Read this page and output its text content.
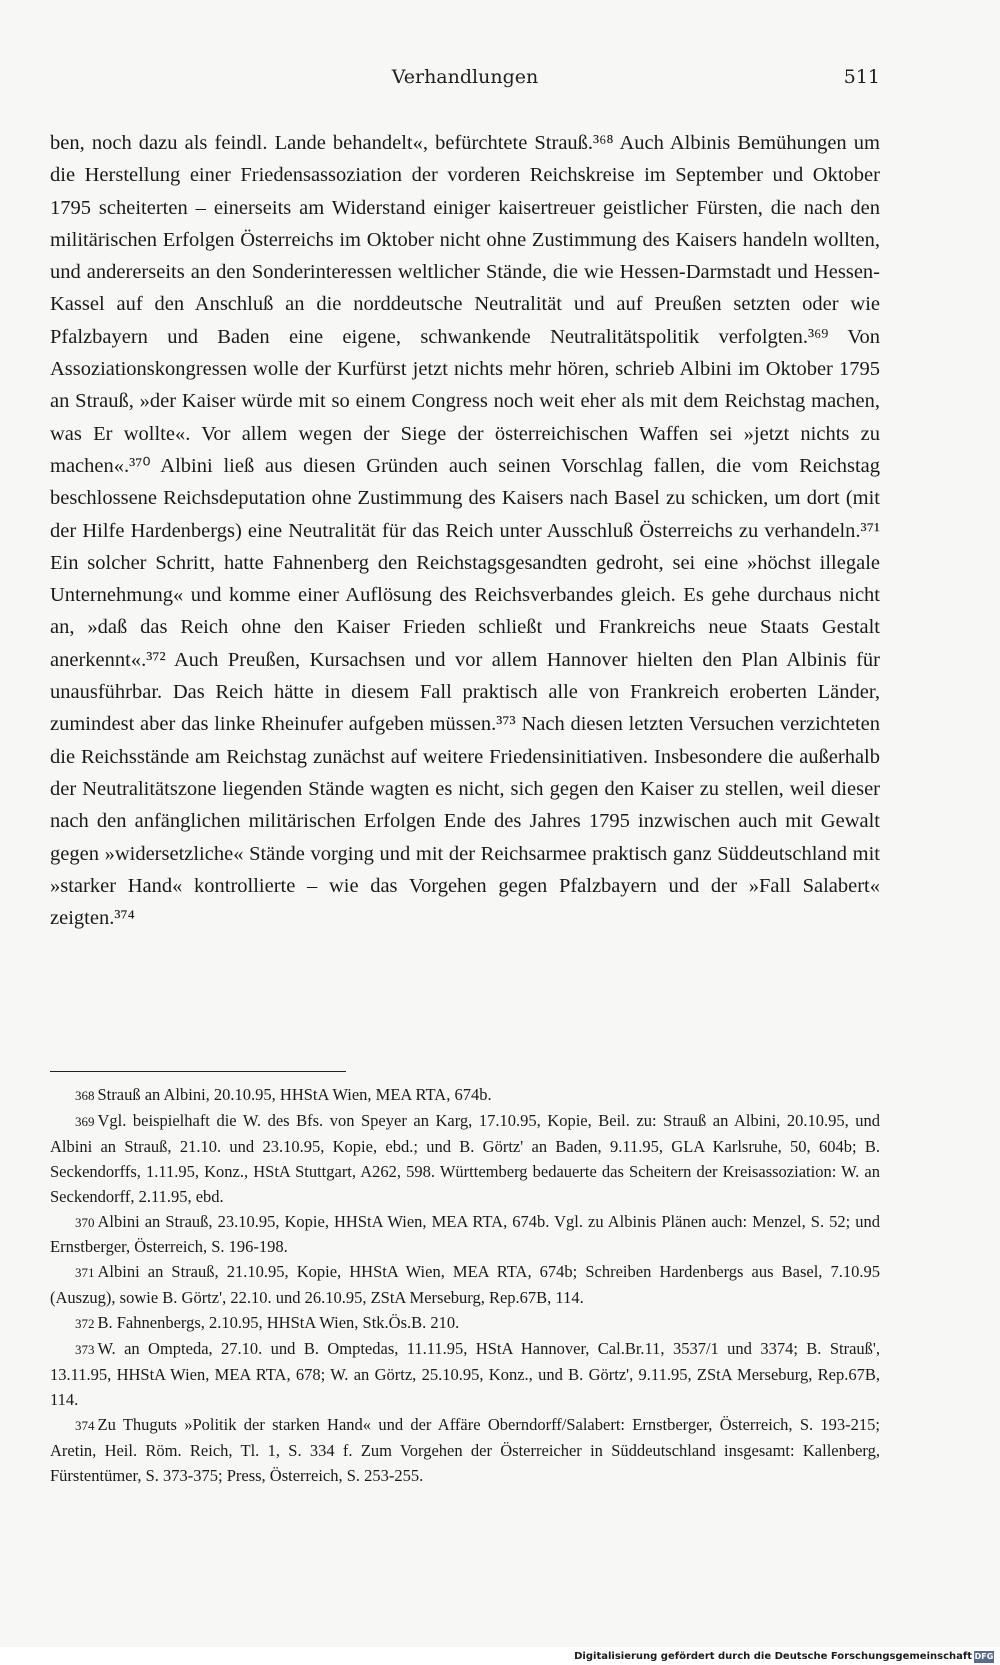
Verhandlungen	511

ben, noch dazu als feindl. Lande behandelt«, befürchtete Strauß.³⁶⁸ Auch Albinis Bemühungen um die Herstellung einer Friedensassoziation der vorderen Reichskreise im September und Oktober 1795 scheiterten – einerseits am Widerstand einiger kaisertreuer geistlicher Fürsten, die nach den militärischen Erfolgen Österreichs im Oktober nicht ohne Zustimmung des Kaisers handeln wollten, und andererseits an den Sonderinteressen weltlicher Stände, die wie Hessen-Darmstadt und Hessen-Kassel auf den Anschluß an die norddeutsche Neutralität und auf Preußen setzten oder wie Pfalzbayern und Baden eine eigene, schwankende Neutralitätspolitik verfolgten.³⁶⁹ Von Assoziationskongressen wolle der Kurfürst jetzt nichts mehr hören, schrieb Albini im Oktober 1795 an Strauß, »der Kaiser würde mit so einem Congress noch weit eher als mit dem Reichstag machen, was Er wollte«. Vor allem wegen der Siege der österreichischen Waffen sei »jetzt nichts zu machen«.³⁷⁰ Albini ließ aus diesen Gründen auch seinen Vorschlag fallen, die vom Reichstag beschlossene Reichsdeputation ohne Zustimmung des Kaisers nach Basel zu schicken, um dort (mit der Hilfe Hardenbergs) eine Neutralität für das Reich unter Ausschluß Österreichs zu verhandeln.³⁷¹ Ein solcher Schritt, hatte Fahnenberg den Reichstagsgesandten gedroht, sei eine »höchst illegale Unternehmung« und komme einer Auflösung des Reichsverbandes gleich. Es gehe durchaus nicht an, »daß das Reich ohne den Kaiser Frieden schließt und Frankreichs neue Staats Gestalt anerkennt«.³⁷² Auch Preußen, Kursachsen und vor allem Hannover hielten den Plan Albinis für unausführbar. Das Reich hätte in diesem Fall praktisch alle von Frankreich eroberten Länder, zumindest aber das linke Rheinufer aufgeben müssen.³⁷³ Nach diesen letzten Versuchen verzichteten die Reichsstände am Reichstag zunächst auf weitere Friedensinitiativen. Insbesondere die außerhalb der Neutralitätszone liegenden Stände wagten es nicht, sich gegen den Kaiser zu stellen, weil dieser nach den anfänglichen militärischen Erfolgen Ende des Jahres 1795 inzwischen auch mit Gewalt gegen »widersetzliche« Stände vorging und mit der Reichsarmee praktisch ganz Süddeutschland mit »starker Hand« kontrollierte – wie das Vorgehen gegen Pfalzbayern und der »Fall Salabert« zeigten.³⁷⁴

368 Strauß an Albini, 20.10.95, HHStA Wien, MEA RTA, 674b.

369 Vgl. beispielhaft die W. des Bfs. von Speyer an Karg, 17.10.95, Kopie, Beil. zu: Strauß an Albini, 20.10.95, und Albini an Strauß, 21.10. und 23.10.95, Kopie, ebd.; und B. Görtz' an Baden, 9.11.95, GLA Karlsruhe, 50, 604b; B. Seckendorffs, 1.11.95, Konz., HStA Stuttgart, A262, 598. Württemberg bedauerte das Scheitern der Kreisassoziation: W. an Seckendorff, 2.11.95, ebd.

370 Albini an Strauß, 23.10.95, Kopie, HHStA Wien, MEA RTA, 674b. Vgl. zu Albinis Plänen auch: Menzel, S. 52; und Ernstberger, Österreich, S. 196-198.

371 Albini an Strauß, 21.10.95, Kopie, HHStA Wien, MEA RTA, 674b; Schreiben Hardenbergs aus Basel, 7.10.95 (Auszug), sowie B. Görtz', 22.10. und 26.10.95, ZStA Merseburg, Rep.67B, 114.

372 B. Fahnenbergs, 2.10.95, HHStA Wien, Stk.Ös.B. 210.

373 W. an Ompteda, 27.10. und B. Omptedas, 11.11.95, HStA Hannover, Cal.Br.11, 3537/1 und 3374; B. Strauß', 13.11.95, HHStA Wien, MEA RTA, 678; W. an Görtz, 25.10.95, Konz., und B. Görtz', 9.11.95, ZStA Merseburg, Rep.67B, 114.

374 Zu Thuguts »Politik der starken Hand« und der Affäre Oberndorff/Salabert: Ernstberger, Österreich, S. 193-215; Aretin, Heil. Röm. Reich, Tl. 1, S. 334 f. Zum Vorgehen der Österreicher in Süddeutschland insgesamt: Kallenberg, Fürstentümer, S. 373-375; Press, Österreich, S. 253-255.

Digitalisierung gefördert durch die Deutsche Forschungsgemeinschaft DFG
